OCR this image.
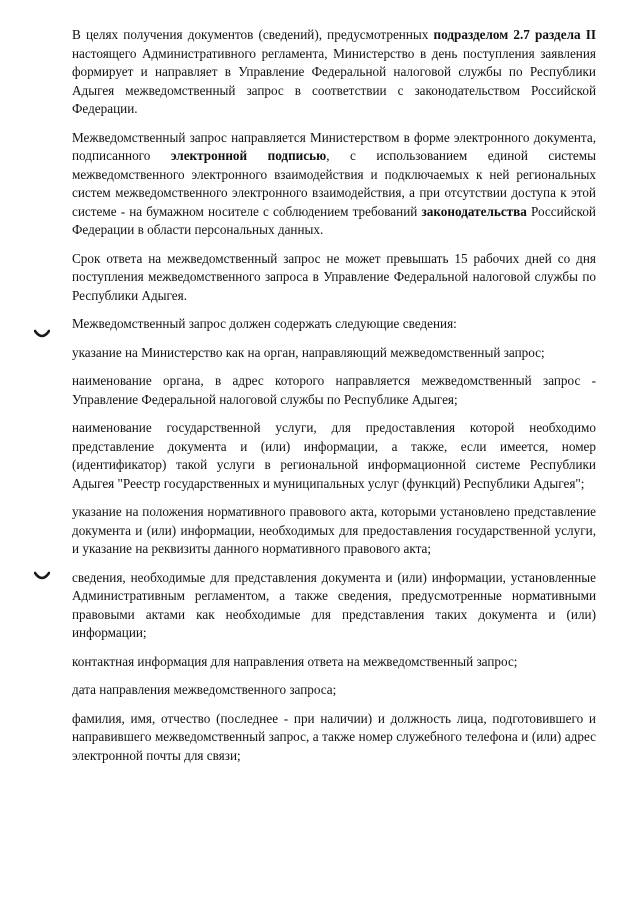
В целях получения документов (сведений), предусмотренных подразделом 2.7 раздела II настоящего Административного регламента, Министерство в день поступления заявления формирует и направляет в Управление Федеральной налоговой службы по Республики Адыгея межведомственный запрос в соответствии с законодательством Российской Федерации.

Межведомственный запрос направляется Министерством в форме электронного документа, подписанного электронной подписью, с использованием единой системы межведомственного электронного взаимодействия и подключаемых к ней региональных систем межведомственного электронного взаимодействия, а при отсутствии доступа к этой системе - на бумажном носителе с соблюдением требований законодательства Российской Федерации в области персональных данных.

Срок ответа на межведомственный запрос не может превышать 15 рабочих дней со дня поступления межведомственного запроса в Управление Федеральной налоговой службы по Республики Адыгея.

Межведомственный запрос должен содержать следующие сведения:

указание на Министерство как на орган, направляющий межведомственный запрос;

наименование органа, в адрес которого направляется межведомственный запрос - Управление Федеральной налоговой службы по Республике Адыгея;

наименование государственной услуги, для предоставления которой необходимо представление документа и (или) информации, а также, если имеется, номер (идентификатор) такой услуги в региональной информационной системе Республики Адыгея "Реестр государственных и муниципальных услуг (функций) Республики Адыгея";

указание на положения нормативного правового акта, которыми установлено представление документа и (или) информации, необходимых для предоставления государственной услуги, и указание на реквизиты данного нормативного правового акта;

сведения, необходимые для представления документа и (или) информации, установленные Административным регламентом, а также сведения, предусмотренные нормативными правовыми актами как необходимые для представления таких документа и (или) информации;

контактная информация для направления ответа на межведомственный запрос;

дата направления межведомственного запроса;

фамилия, имя, отчество (последнее - при наличии) и должность лица, подготовившего и направившего межведомственный запрос, а также номер служебного телефона и (или) адрес электронной почты для связи;
